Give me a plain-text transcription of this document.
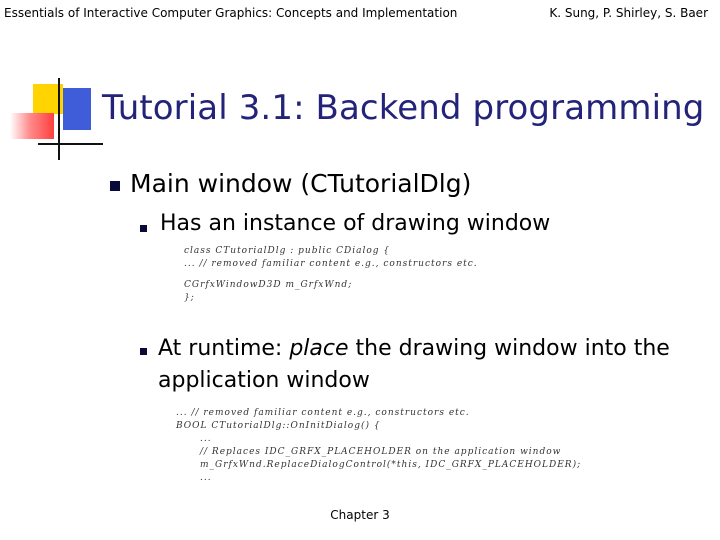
Essentials of Interactive Computer Graphics: Concepts and Implementation	K. Sung, P. Shirley, S. Baer
Tutorial 3.1: Backend programming
Main window (CTutorialDlg)
Has an instance of drawing window
class CTutorialDlg : public CDialog {
... // removed familiar content e.g., constructors etc.
CGrfxWindowD3D m_GrfxWnd;
};
At runtime: place the drawing window into the application window
... // removed familiar content e.g., constructors etc.
BOOL CTutorialDlg::OnInitDialog() {
...
// Replaces IDC_GRFX_PLACEHOLDER on the application window
m_GrfxWnd.ReplaceDialogControl(*this, IDC_GRFX_PLACEHOLDER);
...
Chapter 3
